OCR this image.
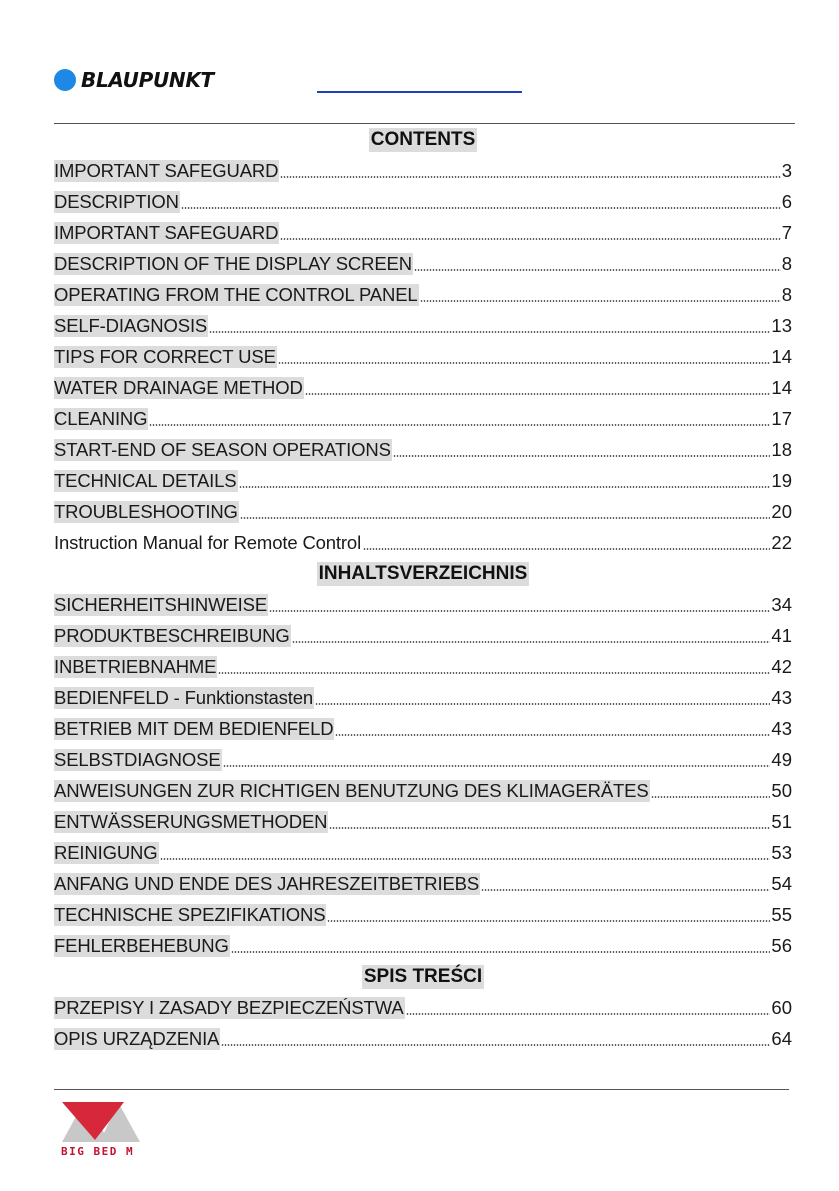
BLAUPUNKT
CONTENTS
IMPORTANT SAFEGUARD	3
DESCRIPTION	6
IMPORTANT SAFEGUARD	7
DESCRIPTION OF THE DISPLAY SCREEN	8
OPERATING FROM THE CONTROL PANEL	8
SELF-DIAGNOSIS	13
TIPS FOR CORRECT USE	14
WATER DRAINAGE METHOD	14
CLEANING	17
START-END OF SEASON OPERATIONS	18
TECHNICAL DETAILS	19
TROUBLESHOOTING	20
Instruction Manual for Remote Control	22
INHALTSVERZEICHNIS
SICHERHEITSHINWEISE	34
PRODUKTBESCHREIBUNG	41
INBETRIEBNAHME	42
BEDIENFELD - Funktionstasten	43
BETRIEB MIT DEM BEDIENFELD	43
SELBSTDIAGNOSE	49
ANWEISUNGEN ZUR RICHTIGEN BENUTZUNG DES KLIMAGERÄTES	50
ENTWÄSSERUNGSMETHODEN	51
REINIGUNG	53
ANFANG UND ENDE DES JAHRESZEITBETRIEBS	54
TECHNISCHE SPEZIFIKATIONS	55
FEHLERBEHEBUNG	56
SPIS TREŚCI
PRZEPISY I ZASADY BEZPIECZEŃSTWA	60
OPIS URZĄDZENIA	64
BIG BED M
